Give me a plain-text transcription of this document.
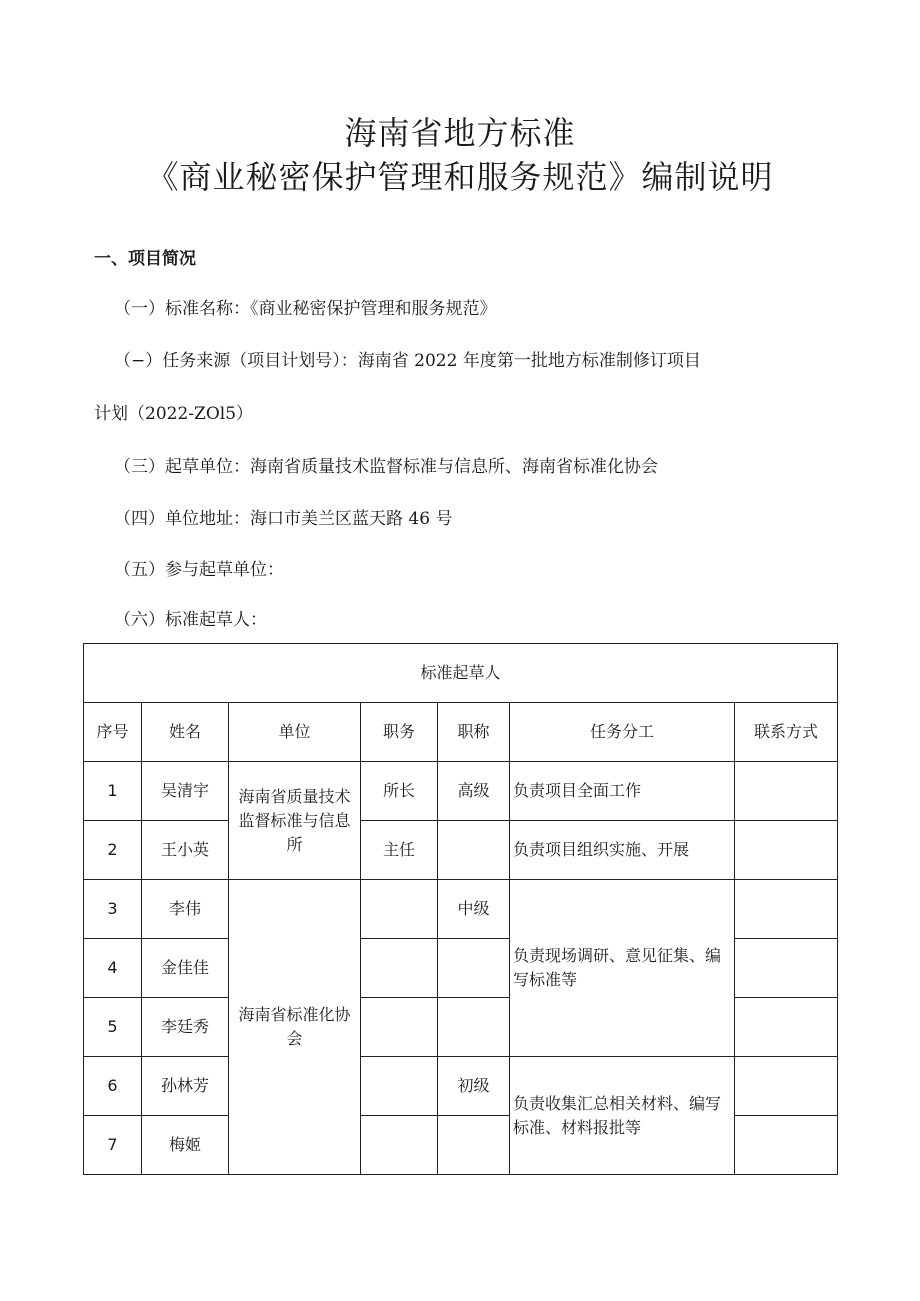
海南省地方标准
《商业秘密保护管理和服务规范》编制说明
一、项目简况
（一）标准名称：《商业秘密保护管理和服务规范》
（−）任务来源（项目计划号）：海南省 2022 年度第一批地方标准制修订项目
计划（2022-ZOl5）
（三）起草单位：海南省质量技术监督标准与信息所、海南省标准化协会
（四）单位地址：海口市美兰区蓝天路 46 号
（五）参与起草单位：
（六）标准起草人：
标准起草人						
序号	姓名	单位	职务	职称	任务分工	联系方式
1	吴清宇	海南省质量技术监督标准与信息所	所长	高级	负责项目全面工作	
2	王小英		主任		负责项目组织实施、开展	
3	李伟	海南省标准化协会		中级	负责现场调研、意见征集、编写标准等	
4	金佳佳					
5	李廷秀					
6	孙林芳			初级	负责收集汇总相关材料、编写标准、材料报批等	
7	梅姬					
